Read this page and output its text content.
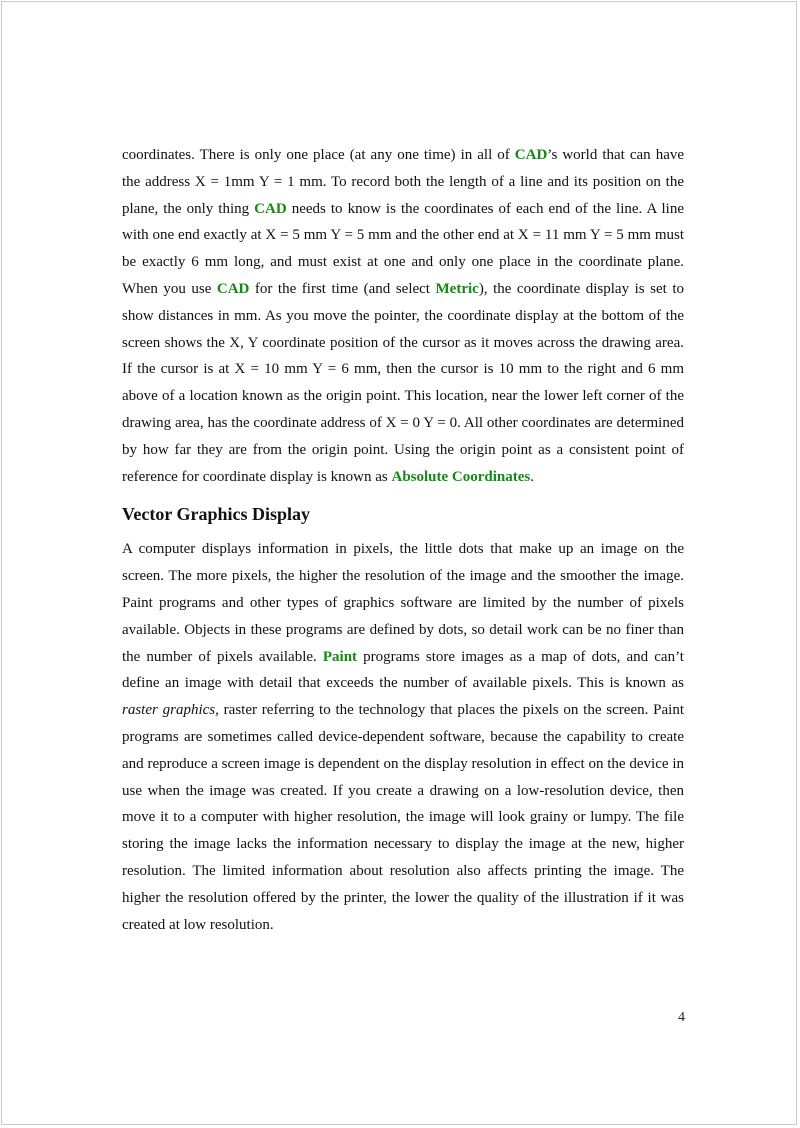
coordinates. There is only one place (at any one time) in all of CAD’s world that can have the address X = 1mm Y = 1 mm. To record both the length of a line and its position on the plane, the only thing CAD needs to know is the coordinates of each end of the line. A line with one end exactly at X = 5 mm Y = 5 mm and the other end at X = 11 mm Y = 5 mm must be exactly 6 mm long, and must exist at one and only one place in the coordinate plane. When you use CAD for the first time (and select Metric), the coordinate display is set to show distances in mm. As you move the pointer, the coordinate display at the bottom of the screen shows the X, Y coordinate position of the cursor as it moves across the drawing area. If the cursor is at X = 10 mm Y = 6 mm, then the cursor is 10 mm to the right and 6 mm above of a location known as the origin point. This location, near the lower left corner of the drawing area, has the coordinate address of X = 0 Y = 0. All other coordinates are determined by how far they are from the origin point. Using the origin point as a consistent point of reference for coordinate display is known as Absolute Coordinates.

Vector Graphics Display

A computer displays information in pixels, the little dots that make up an image on the screen. The more pixels, the higher the resolution of the image and the smoother the image. Paint programs and other types of graphics software are limited by the number of pixels available. Objects in these programs are defined by dots, so detail work can be no finer than the number of pixels available. Paint programs store images as a map of dots, and can’t define an image with detail that exceeds the number of available pixels. This is known as raster graphics, raster referring to the technology that places the pixels on the screen. Paint programs are sometimes called device-dependent software, because the capability to create and reproduce a screen image is dependent on the display resolution in effect on the device in use when the image was created. If you create a drawing on a low-resolution device, then move it to a computer with higher resolution, the image will look grainy or lumpy. The file storing the image lacks the information necessary to display the image at the new, higher resolution. The limited information about resolution also affects printing the image. The higher the resolution offered by the printer, the lower the quality of the illustration if it was created at low resolution.

4
